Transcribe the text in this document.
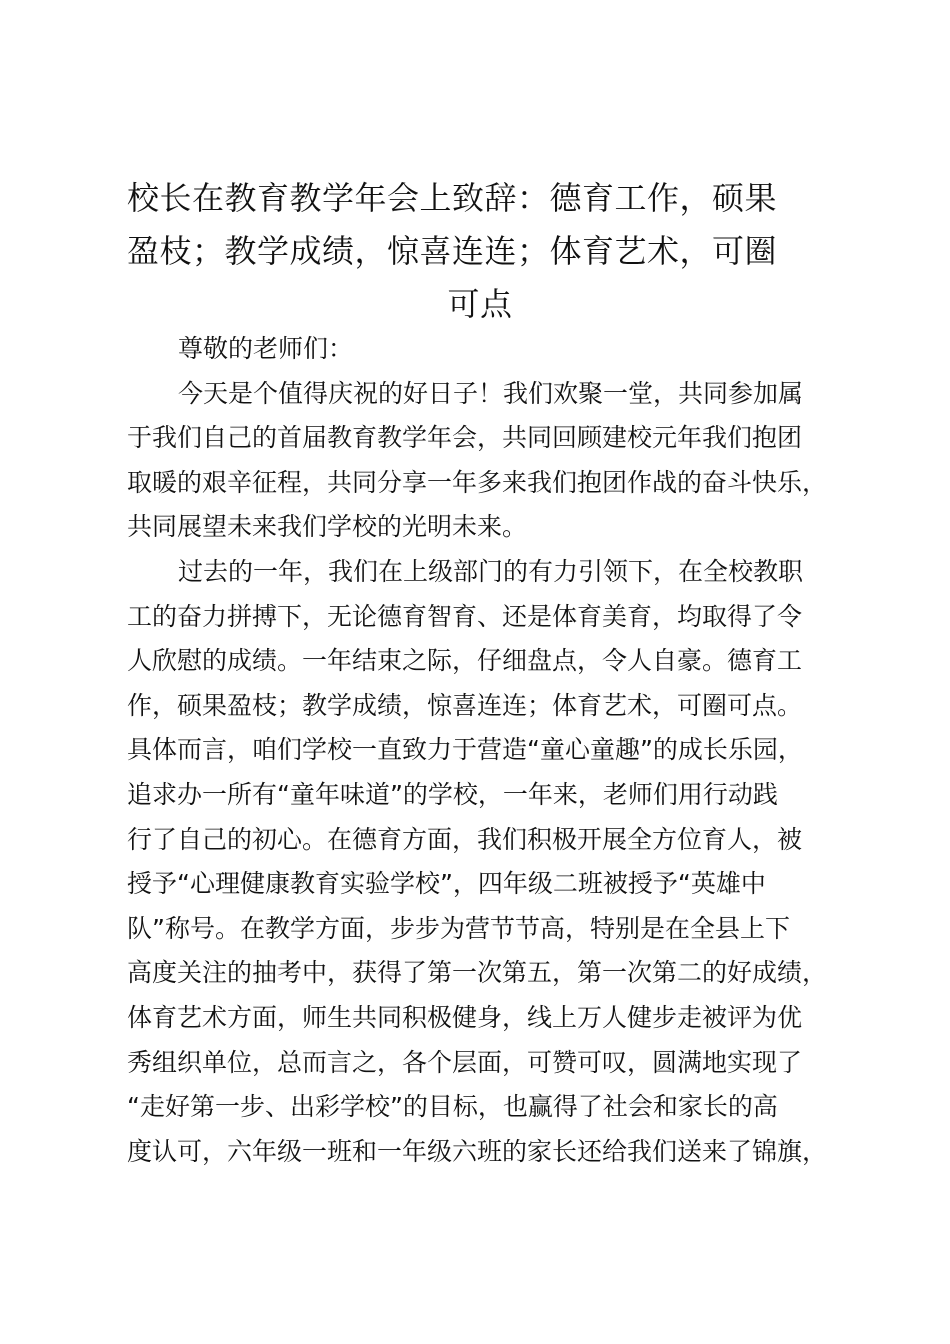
校长在教育教学年会上致辞：德育工作，硕果
盈枝；教学成绩，惊喜连连；体育艺术，可圈
可点
尊敬的老师们：
今天是个值得庆祝的好日子！我们欢聚一堂，共同参加属
于我们自己的首届教育教学年会，共同回顾建校元年我们抱团
取暖的艰辛征程，共同分享一年多来我们抱团作战的奋斗快乐，
共同展望未来我们学校的光明未来。
过去的一年，我们在上级部门的有力引领下，在全校教职
工的奋力拼搏下，无论德育智育、还是体育美育，均取得了令
人欣慰的成绩。一年结束之际，仔细盘点，令人自豪。德育工
作，硕果盈枝；教学成绩，惊喜连连；体育艺术，可圈可点。
具体而言，咱们学校一直致力于营造“童心童趣”的成长乐园，
追求办一所有“童年味道”的学校，一年来，老师们用行动践
行了自己的初心。在德育方面，我们积极开展全方位育人，被
授予“心理健康教育实验学校”，四年级二班被授予“英雄中
队”称号。在教学方面，步步为营节节高，特别是在全县上下
高度关注的抽考中，获得了第一次第五，第一次第二的好成绩，
体育艺术方面，师生共同积极健身，线上万人健步走被评为优
秀组织单位，总而言之，各个层面，可赞可叹，圆满地实现了
“走好第一步、出彩学校”的目标，也赢得了社会和家长的高
度认可，六年级一班和一年级六班的家长还给我们送来了锦旗，
